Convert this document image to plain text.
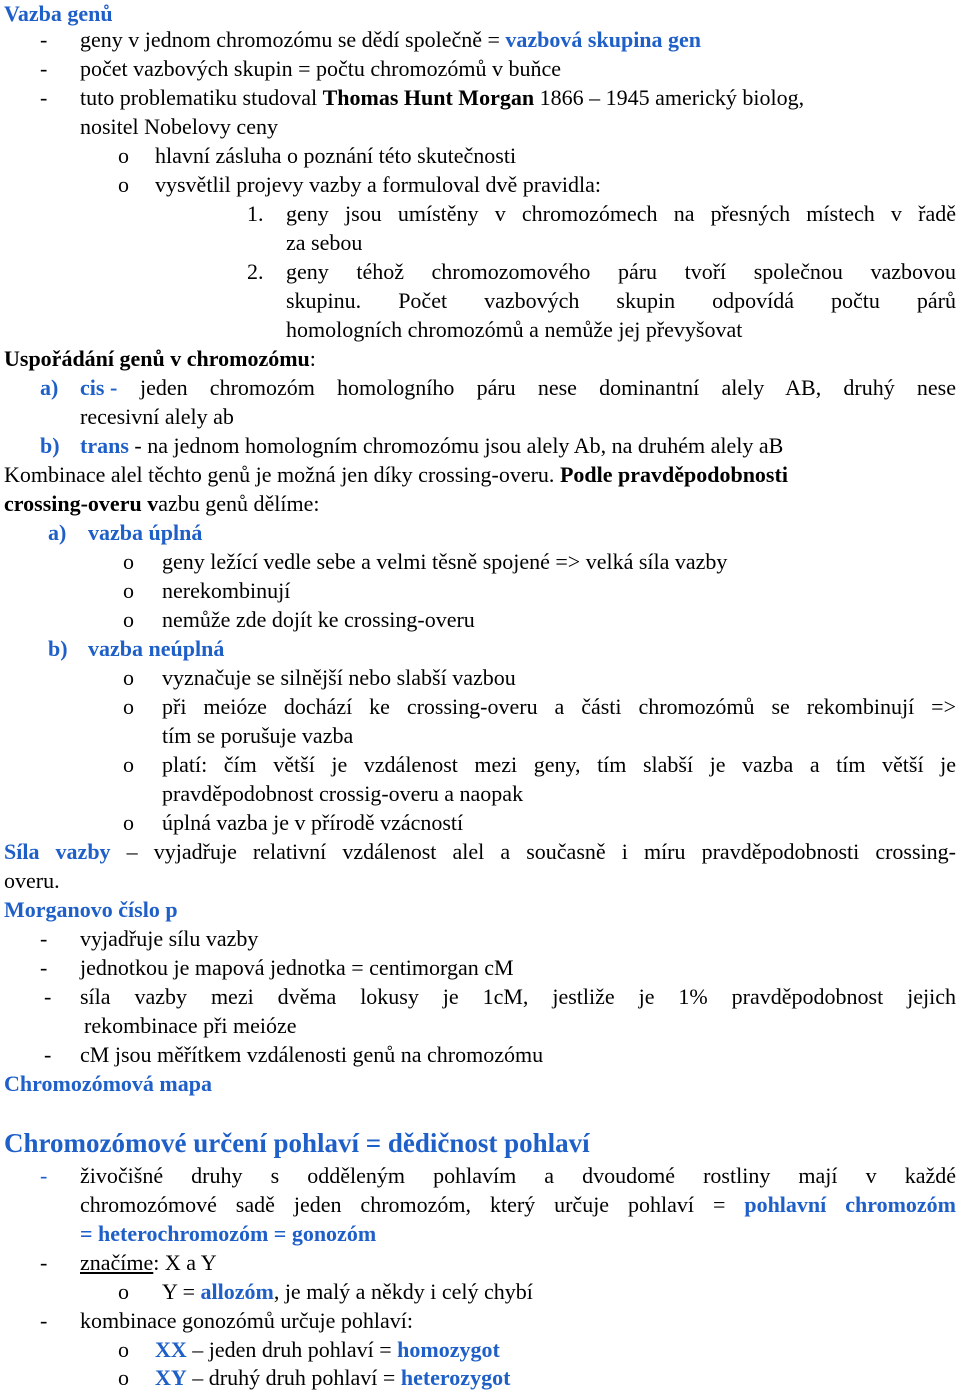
Vazba genů
- geny v jednom chromozómu se dědí společně = vazbová skupina gen
- počet vazbových skupin = počtu chromozómů v buňce
- tuto problematiku studoval Thomas Hunt Morgan 1866 – 1945 americký biolog,
nositel Nobelovy ceny
o hlavní zásluha o poznání této skutečnosti
o vysvětlil projevy vazby a formuloval dvě pravidla:
1. geny jsou umístěny v chromozómech na přesných místech v řadě
za sebou
2. geny téhož chromozomového páru tvoří společnou vazbovou
skupinu. Počet vazbových skupin odpovídá počtu párů
homologních chromozómů a nemůže jej převyšovat
Uspořádání genů v chromozómu:
a) cis - jeden chromozóm homologního páru nese dominantní alely AB, druhý nese
recesivní alely ab
b) trans - na jednom homologním chromozómu jsou alely Ab, na druhém alely aB
Kombinace alel těchto genů je možná jen díky crossing-overu. Podle pravděpodobnosti
crossing-overu vazbu genů dělíme:
a) vazba úplná
o geny ležící vedle sebe a velmi těsně spojené => velká síla vazby
o nerekombinují
o nemůže zde dojít ke crossing-overu
b) vazba neúplná
o vyznačuje se silnější nebo slabší vazbou
o při meióze dochází ke crossing-overu a části chromozómů se rekombinují =>
tím se porušuje vazba
o platí: čím větší je vzdálenost mezi geny, tím slabší je vazba a tím větší je
pravděpodobnost crossig-overu a naopak
o úplná vazba je v přírodě vzácností
Síla vazby – vyjadřuje relativní vzdálenost alel a současně i míru pravděpodobnosti crossing-
overu.
Morganovo číslo p
- vyjadřuje sílu vazby
- jednotkou je mapová jednotka = centimorgan cM
- síla vazby mezi dvěma lokusy je 1cM, jestliže je 1% pravděpodobnost jejich
rekombinace při meióze
- cM jsou měřítkem vzdálenosti genů na chromozómu
Chromozómová mapa
Chromozómové určení pohlaví = dědičnost pohlaví
- živočišné druhy s odděleným pohlavím a dvoudomé rostliny mají v každé
chromozómové sadě jeden chromozóm, který určuje pohlaví = pohlavní chromozóm
= heterochromozóm = gonozóm
- značíme: X a Y
o Y = allozóm, je malý a někdy i celý chybí
- kombinace gonozómů určuje pohlaví:
o XX – jeden druh pohlaví = homozygot
o XY – druhý druh pohlaví = heterozygot
